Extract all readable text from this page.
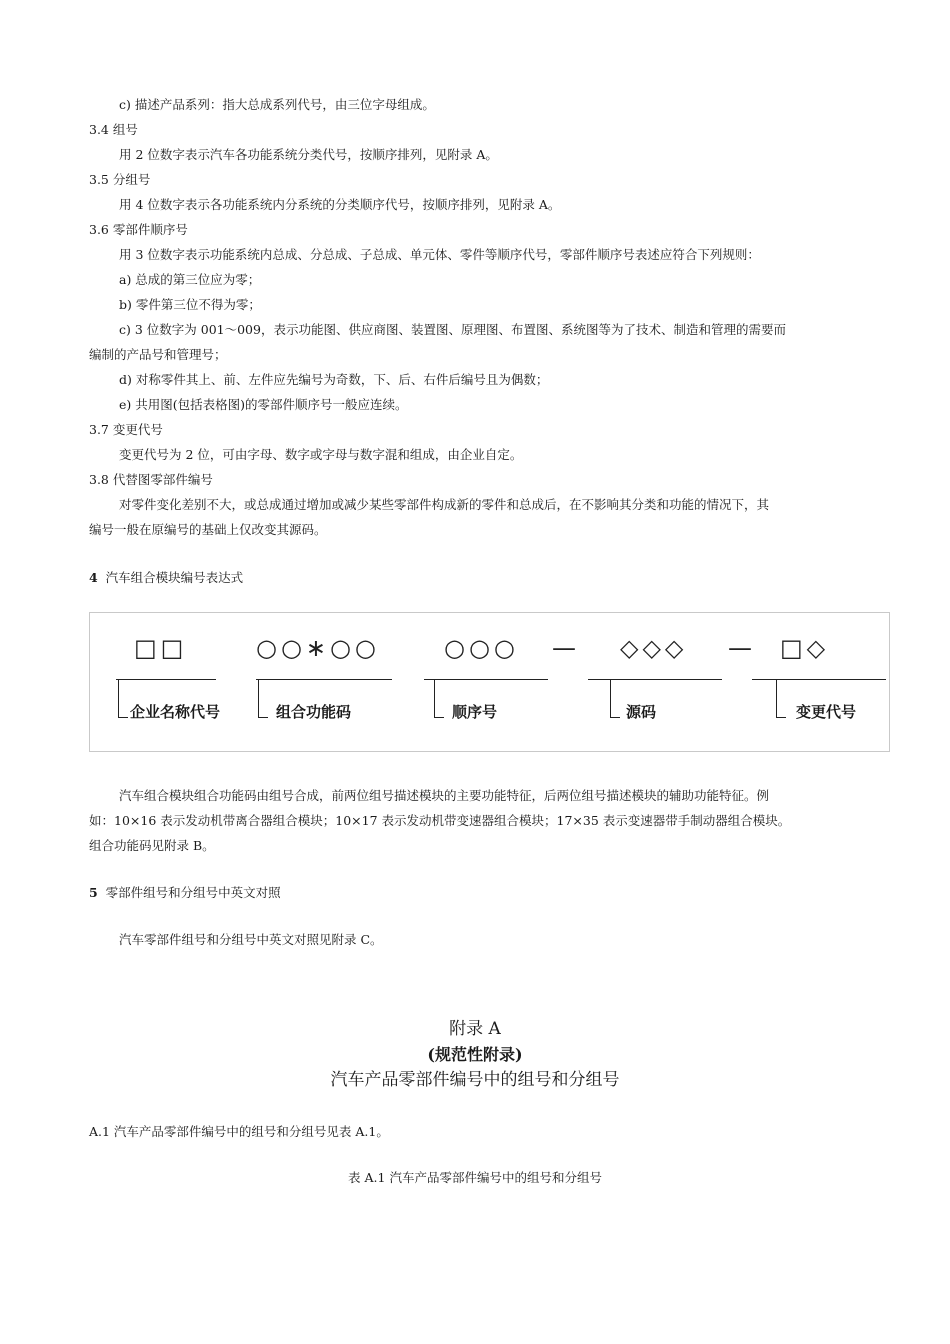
c) 描述产品系列：指大总成系列代号，由三位字母组成。
3.4 组号
用 2 位数字表示汽车各功能系统分类代号，按顺序排列，见附录 A。
3.5 分组号
用 4 位数字表示各功能系统内分系统的分类顺序代号，按顺序排列，见附录 A。
3.6 零部件顺序号
用 3 位数字表示功能系统内总成、分总成、子总成、单元体、零件等顺序代号，零部件顺序号表述应符合下列规则：
a) 总成的第三位应为零；
b) 零件第三位不得为零；
c) 3 位数字为 001～009，表示功能图、供应商图、装置图、原理图、布置图、系统图等为了技术、制造和管理的需要而
编制的产品号和管理号；
d) 对称零件其上、前、左件应先编号为奇数，下、后、右件后编号且为偶数；
e) 共用图(包括表格图)的零部件顺序号一般应连续。
3.7 变更代号
变更代号为 2 位，可由字母、数字或字母与数字混和组成，由企业自定。
3.8 代替图零部件编号
对零件变化差别不大，或总成通过增加或减少某些零部件构成新的零件和总成后，在不影响其分类和功能的情况下，其
编号一般在原编号的基础上仅改变其源码。
4 汽车组合模块编号表达式
□□	○○∗○○	○○○ — ◇◇◇ — □◇
企业名称代号	组合功能码	顺序号	源码	变更代号
汽车组合模块组合功能码由组号合成，前两位组号描述模块的主要功能特征，后两位组号描述模块的辅助功能特征。例
如：10×16 表示发动机带离合器组合模块；10×17 表示发动机带变速器组合模块；17×35 表示变速器带手制动器组合模块。
组合功能码见附录 B。
5 零部件组号和分组号中英文对照
汽车零部件组号和分组号中英文对照见附录 C。
附录 A
(规范性附录)
汽车产品零部件编号中的组号和分组号
A.1 汽车产品零部件编号中的组号和分组号见表 A.1。
表 A.1 汽车产品零部件编号中的组号和分组号
